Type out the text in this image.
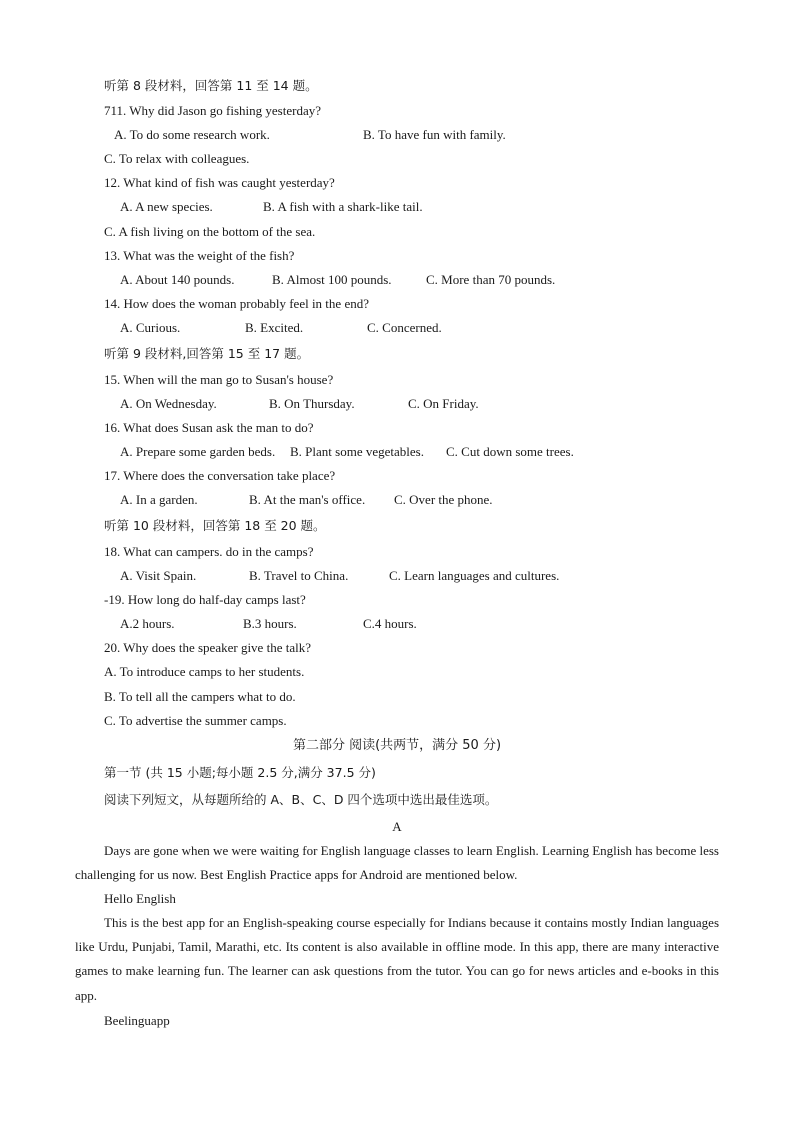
听第 8 段材料，回答第 11 至 14 题。
711. Why did Jason go fishing yesterday?
A. To do some research work.	B. To have fun with family.
C. To relax with colleagues.
12. What kind of fish was caught yesterday?
A. A new species.	B. A fish with a shark-like tail.
C. A fish living on the bottom of the sea.
13. What was the weight of the fish?
A. About 140 pounds.	B. Almost 100 pounds.	C. More than 70 pounds.
14. How does the woman probably feel in the end?
A. Curious.	B. Excited.	C. Concerned.
听第 9 段材料,回答第 15 至 17 题。
15. When will the man go to Susan's house?
A. On Wednesday.	B. On Thursday.	C. On Friday.
16. What does Susan ask the man to do?
A. Prepare some garden beds. B. Plant some vegetables. C. Cut down some trees.
17. Where does the conversation take place?
A. In a garden.	B. At the man's office. C. Over the phone.
听第 10 段材料，回答第 18 至 20 题。
18. What can campers. do in the camps?
A. Visit Spain.	B. Travel to China.	C. Learn languages and cultures.
-19. How long do half-day camps last?
A.2 hours.	B.3 hours.	C.4 hours.
20. Why does the speaker give the talk?
A. To introduce camps to her students.
B. To tell all the campers what to do.
C. To advertise the summer camps.
第二部分 阅读(共两节，满分 50 分)
第一节 (共 15 小题;每小题 2.5 分,满分 37.5 分)
阅读下列短文，从每题所给的 A、B、C、D 四个选项中选出最佳选项。
A

Days are gone when we were waiting for English language classes to learn English. Learning English has become less challenging for us now. Best English Practice apps for Android are mentioned below.

Hello English

This is the best app for an English-speaking course especially for Indians because it contains mostly Indian languages like Urdu, Punjabi, Tamil, Marathi, etc. Its content is also available in offline mode. In this app, there are many interactive games to make learning fun. The learner can ask questions from the tutor. You can go for news articles and e-books in this app.

Beelinguapp
